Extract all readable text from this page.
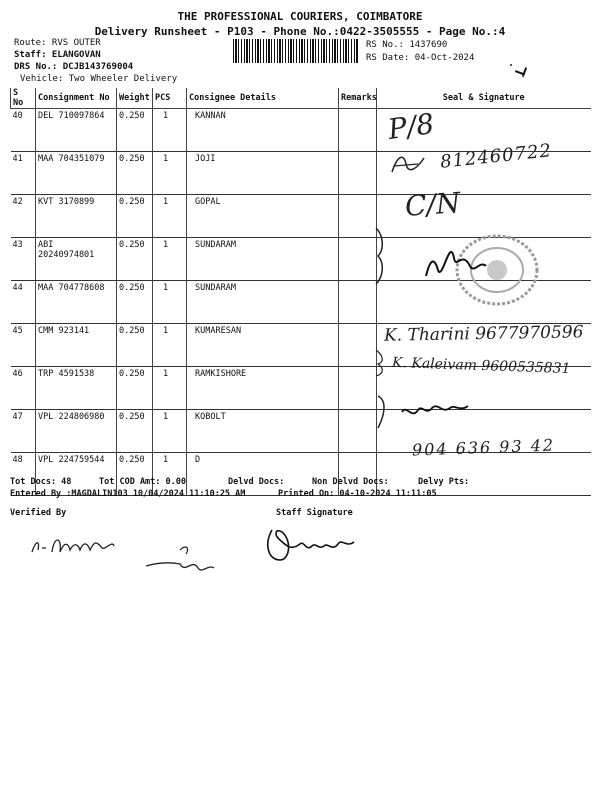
THE PROFESSIONAL COURIERS, COIMBATORE
Delivery Runsheet - P103 - Phone No.:0422-3505555 - Page No.:4
Route: RVS OUTER
Staff: ELANGOVAN
DRS No.: DCJB143769004
Vehicle: Two Wheeler Delivery
RS No.: 1437690
RS Date: 04-Oct-2024
S No	Consignment No	Weight	PCS	Consignee Details	Remarks	Seal & Signature
40	DEL 710097864	0.250	1	KANNAN		
41	MAA 704351079	0.250	1	JOJI		
42	KVT 3170899	0.250	1	GOPAL		
43	ABI 20240974801	0.250	1	SUNDARAM		
44	MAA 704778608	0.250	1	SUNDARAM		
45	CMM 923141	0.250	1	KUMARESAN		
46	TRP 4591538	0.250	1	RAMKISHORE		
47	VPL 224806980	0.250	1	KOBOLT		
48	VPL 224759544	0.250	1	D		
P/8
812460722
C/N
K. Tharini 9677970596
K. Kaleivam 9600535831
904 636 93 42
Tot Docs: 48	Tot COD Amt: 0.00	Delvd Docs:	Non Delvd Docs:	Delvy Pts:
Entered By :MAGDALIN103 10/04/2024 11:10:25 AM	Printed On: 04-10-2024 11:11:05
Verified By	Staff Signature
